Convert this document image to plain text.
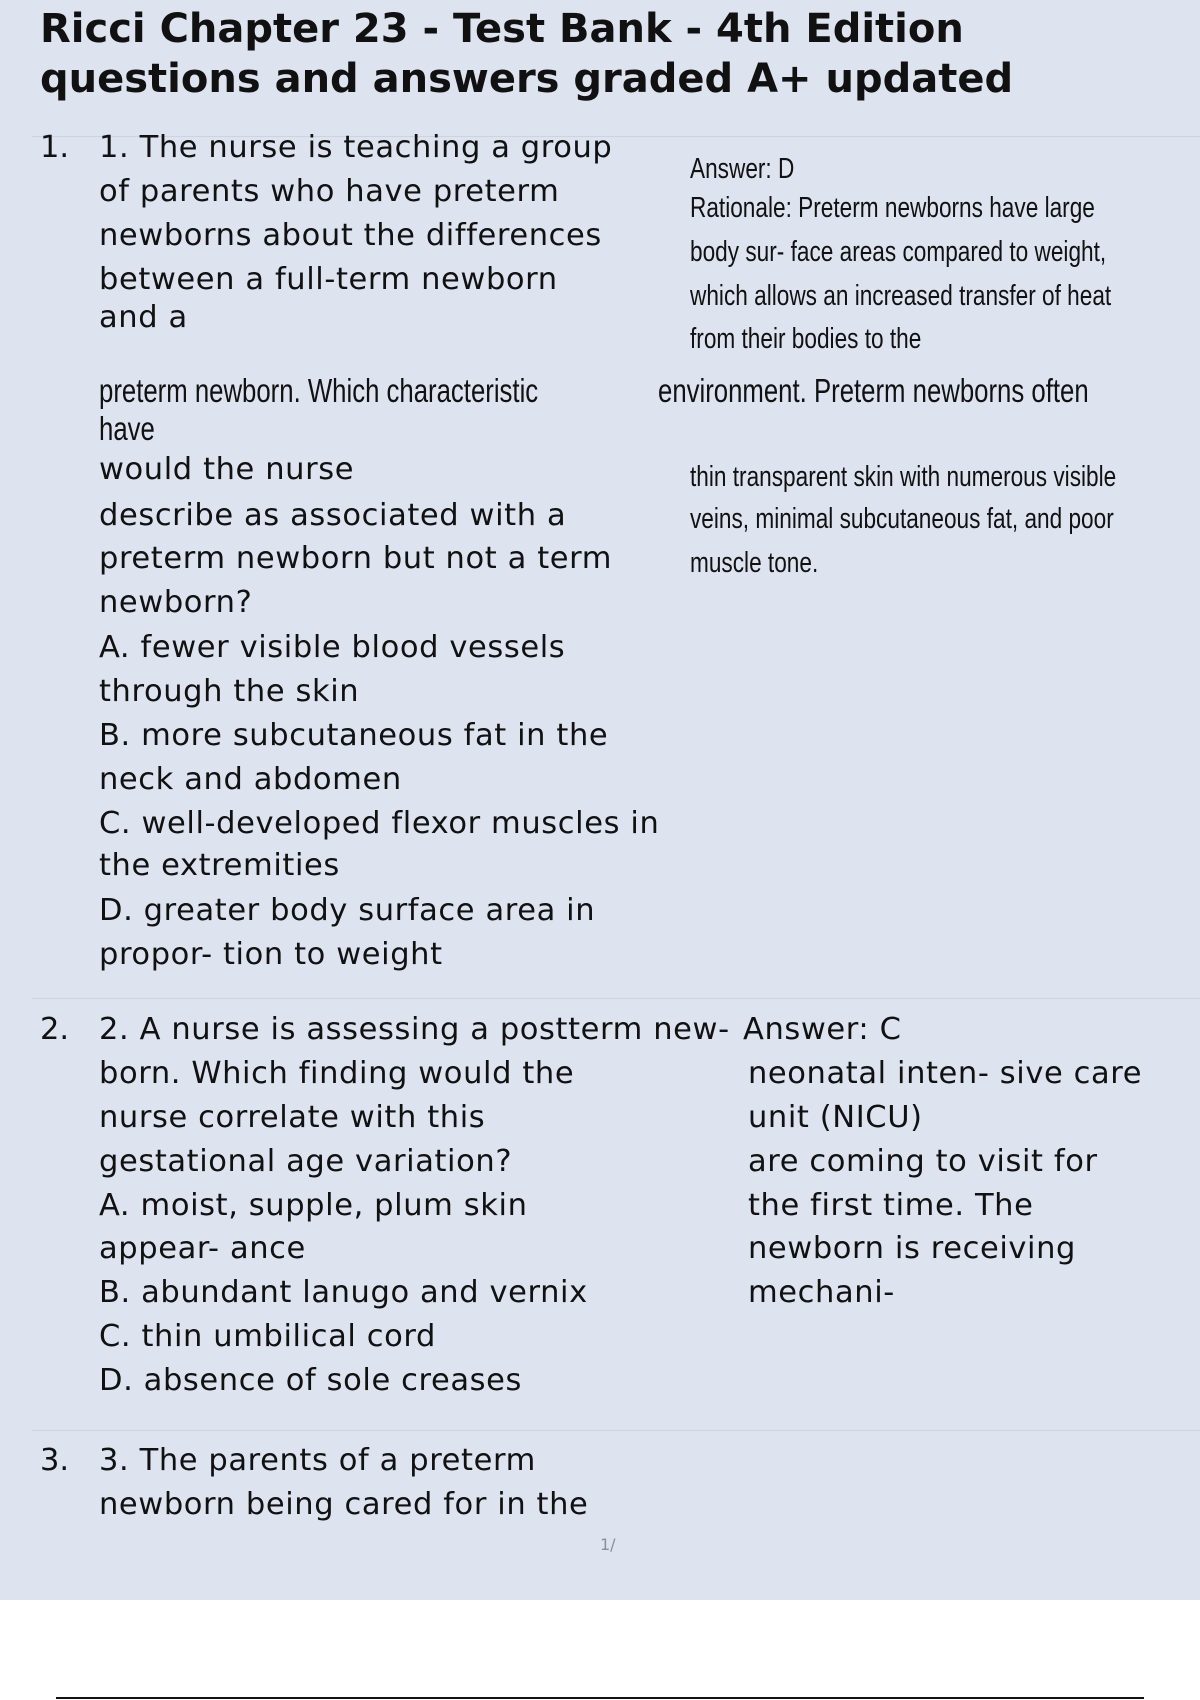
Ricci Chapter 23 - Test Bank - 4th Edition
questions and answers graded A+ updated
1. 1. The nurse is teaching a group
of parents who have preterm
newborns about the differences
between a full-term newborn
and a
preterm newborn. Which characteristic
have
would the nurse
describe as associated with a
preterm newborn but not a term
newborn?
A. fewer visible blood vessels
through the skin
B. more subcutaneous fat in the
neck and abdomen
C. well-developed flexor muscles in
the extremities
D. greater body surface area in
propor- tion to weight
Answer: D
Rationale: Preterm newborns have large
body sur- face areas compared to weight,
which allows an increased transfer of heat
from their bodies to the
environment. Preterm newborns often
thin transparent skin with numerous visible
veins, minimal subcutaneous fat, and poor
muscle tone.
2. 2. A nurse is assessing a postterm new-
born. Which finding would the
nurse correlate with this
gestational age variation?
A. moist, supple, plum skin
appear- ance
B. abundant lanugo and vernix
C. thin umbilical cord
D. absence of sole creases
Answer: C
neonatal inten- sive care
unit (NICU)
are coming to visit for
the first time. The
newborn is receiving
mechani-
3. 3. The parents of a preterm
newborn being cared for in the
1/
